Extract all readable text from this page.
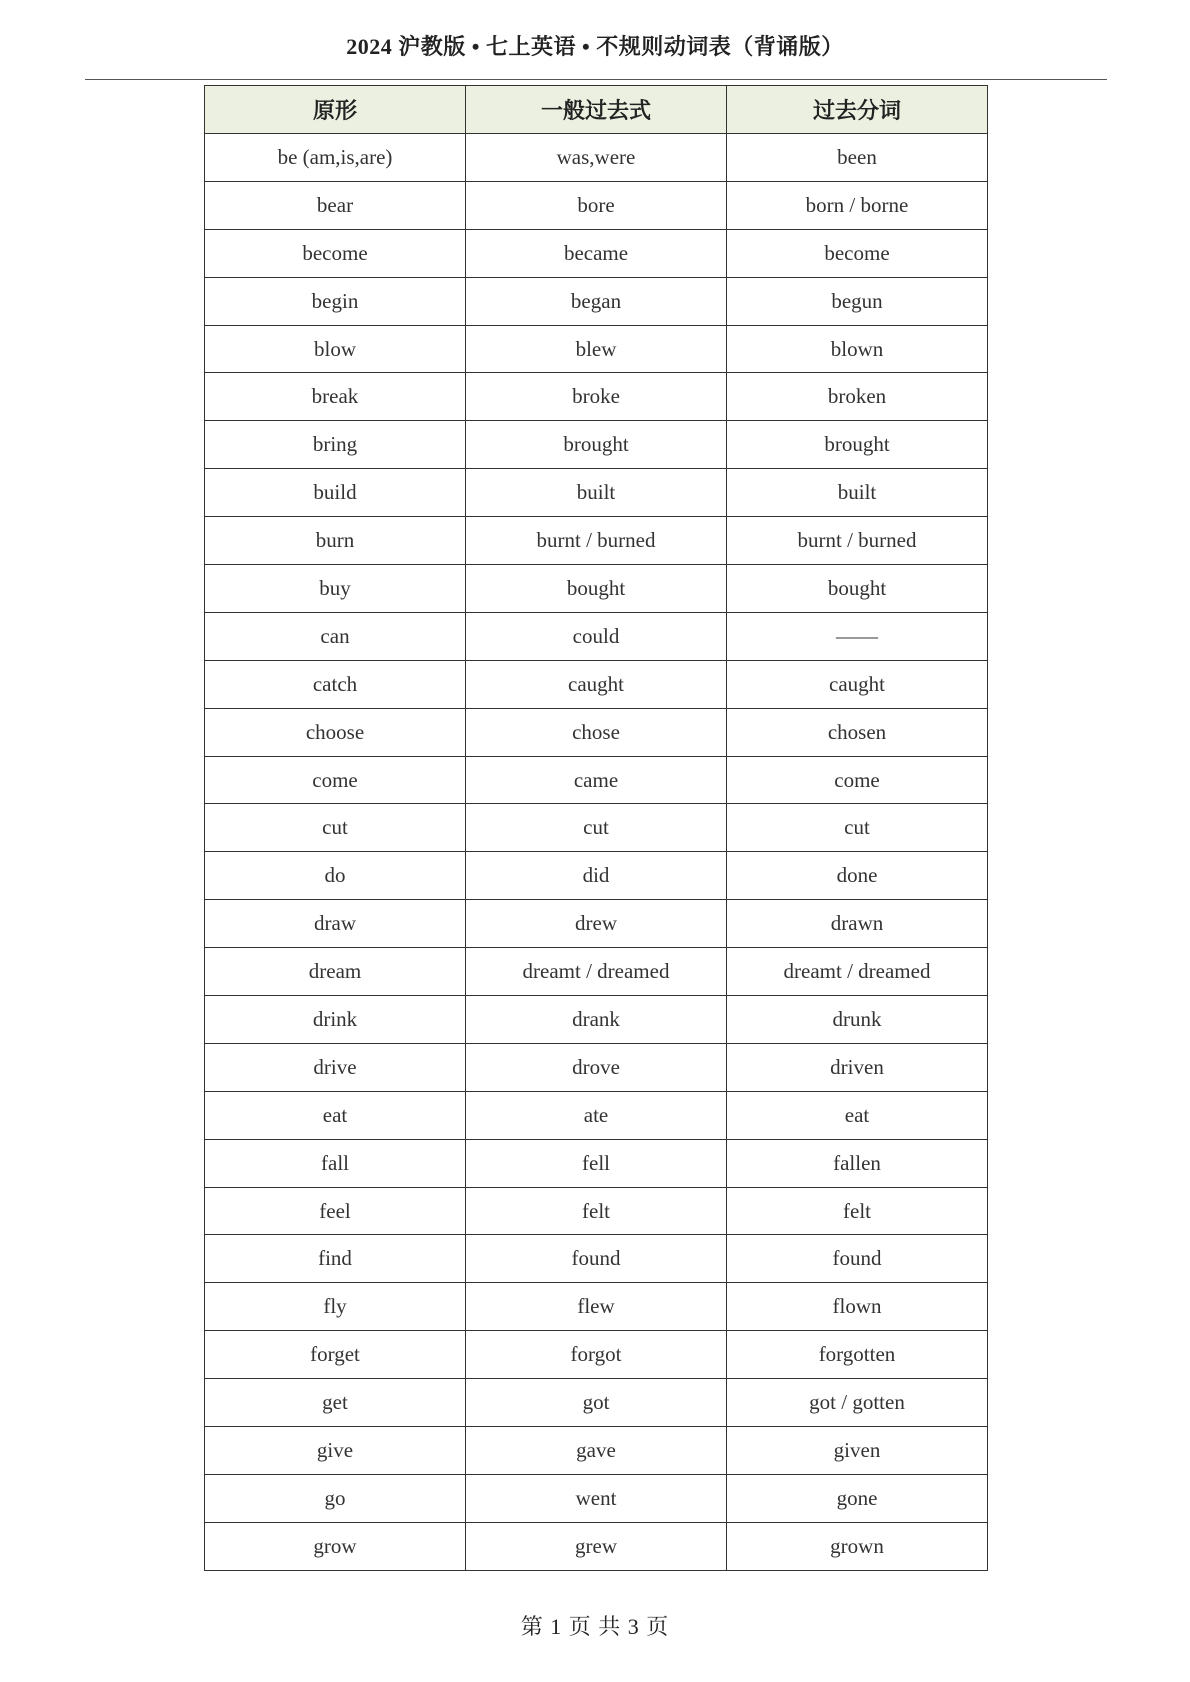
2024 沪教版 • 七上英语 • 不规则动词表（背诵版）
原形	一般过去式	过去分词
be (am,is,are)	was,were	been
bear	bore	born / borne
become	became	become
begin	began	begun
blow	blew	blown
break	broke	broken
bring	brought	brought
build	built	built
burn	burnt / burned	burnt / burned
buy	bought	bought
can	could	——
catch	caught	caught
choose	chose	chosen
come	came	come
cut	cut	cut
do	did	done
draw	drew	drawn
dream	dreamt / dreamed	dreamt / dreamed
drink	drank	drunk
drive	drove	driven
eat	ate	eat
fall	fell	fallen
feel	felt	felt
find	found	found
fly	flew	flown
forget	forgot	forgotten
get	got	got / gotten
give	gave	given
go	went	gone
grow	grew	grown
第 1 页 共 3 页
